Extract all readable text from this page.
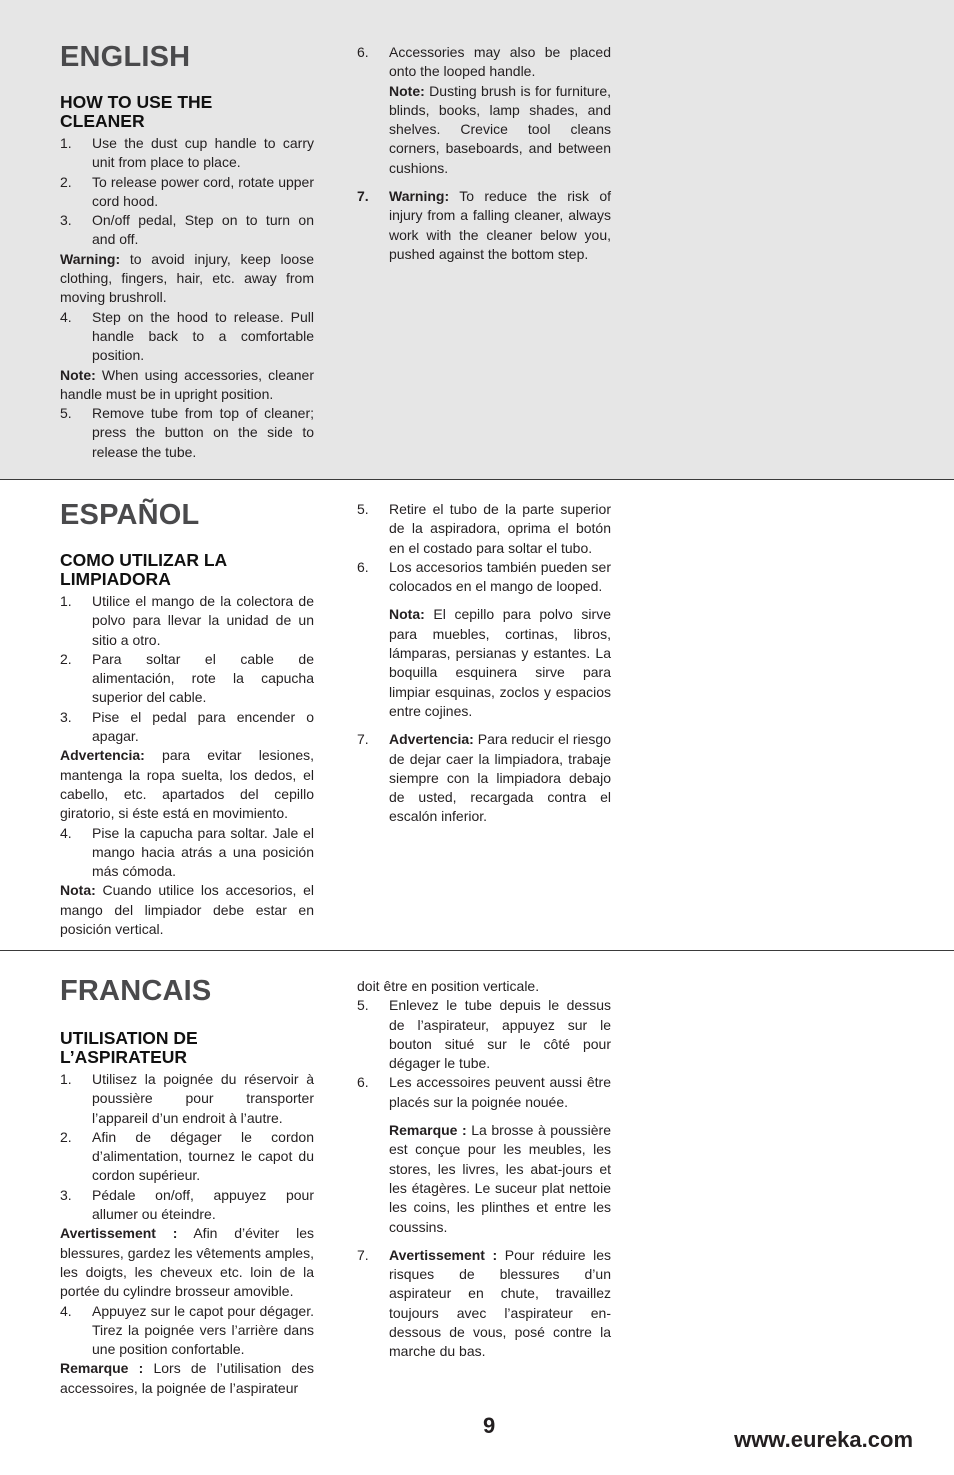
ENGLISH
HOW TO USE THE CLEANER
1.	Use the dust cup handle to carry unit from place to place.
2.	To release power cord, rotate upper cord hood.
3.	On/off pedal, Step on to turn on and off.

Warning: to avoid injury, keep loose clothing, fingers, hair, etc. away from moving brushroll.

4.	Step on the hood to release. Pull handle back to a comfortable position.

Note: When using accessories, cleaner handle must be in upright position.

5.	Remove tube from top of cleaner; press the button on the side to release the tube.
6.	Accessories may also be placed onto the looped handle.

Note: Dusting brush is for furniture, blinds, books, lamp shades, and shelves. Crevice tool cleans corners, baseboards, and between cushions.

7.	Warning: To reduce the risk of injury from a falling cleaner, always work with the cleaner below you, pushed against the bottom step.
ESPAÑOL
COMO UTILIZAR LA LIMPIADORA
1.	Utilice el mango de la colectora de polvo para llevar la unidad de un sitio a otro.
2.	Para soltar el cable de alimentación, rote la capucha superior del cable.
3.	Pise el pedal para encender o apagar.

Advertencia: para evitar lesiones, mantenga la ropa suelta, los dedos, el cabello, etc. apartados del cepillo giratorio, si éste está en movimiento.

4.	Pise la capucha para soltar. Jale el mango hacia atrás a una posición más cómoda.

Nota: Cuando utilice los accesorios, el mango del limpiador debe estar en posición vertical.

5.	Retire el tubo de la parte superior de la aspiradora, oprima el botón en el costado para soltar el tubo.
6.	Los accesorios también pueden ser colocados en el mango de looped.

Nota: El cepillo para polvo sirve para muebles, cortinas, libros, lámparas, persianas y estantes. La boquilla esquinera sirve para limpiar esquinas, zoclos y espacios entre cojines.

7.	Advertencia: Para reducir el riesgo de dejar caer la limpiadora, trabaje siempre con la limpiadora debajo de usted, recargada contra el escalón inferior.
FRANCAIS
UTILISATION DE L’ASPIRATEUR
1.	Utilisez la poignée du réservoir à poussière pour transporter l’appareil d’un endroit à l’autre.
2.	Afin de dégager le cordon d’alimentation, tournez le capot du cordon supérieur.
3.	Pédale on/off, appuyez pour allumer ou éteindre.

Avertissement : Afin d’éviter les blessures, gardez les vêtements amples, les doigts, les cheveux etc. loin de la portée du cylindre brosseur amovible.

4.	Appuyez sur le capot pour dégager. Tirez la poignée vers l’arrière dans une position confortable.

Remarque : Lors de l’utilisation des accessoires, la poignée de l’aspirateur

doit être en position verticale.

5.	Enlevez le tube depuis le dessus de l’aspirateur, appuyez sur le bouton situé sur le côté pour dégager le tube.
6.	Les accessoires peuvent aussi être placés sur la poignée nouée.

Remarque : La brosse à poussière est conçue pour les meubles, les stores, les livres, les abat-jours et les étagères. Le suceur plat nettoie les coins, les plinthes et entre les coussins.

7.	Avertissement : Pour réduire les risques de blessures d’un aspirateur en chute, travaillez toujours avec l’aspirateur en-dessous de vous, posé contre la marche du bas.
9
www.eureka.com
